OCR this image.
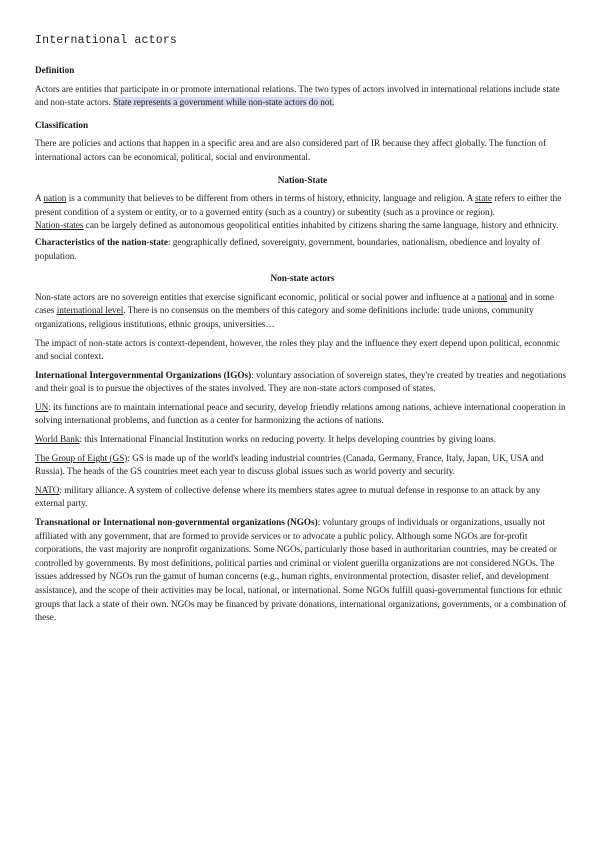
International actors
Definition

Actors are entities that participate in or promote international relations. The two types of actors involved in international relations include state and non-state actors. State represents a government while non-state actors do not.

Classification

There are policies and actions that happen in a specific area and are also considered part of IR because they affect globally. The function of international actors can be economical, political, social and environmental.

Nation-State

A nation is a community that believes to be different from others in terms of history, ethnicity, language and religion. A state refers to either the present condition of a system or entity, or to a governed entity (such as a country) or subentity (such as a province or region).

Nation-states can be largely defined as autonomous geopolitical entities inhabited by citizens sharing the same language, history and ethnicity.

Characteristics of the nation-state: geographically defined, sovereignty, government, boundaries, nationalism, obedience and loyalty of population.

Non-state actors

Non-state actors are no sovereign entities that exercise significant economic, political or social power and influence at a national and in some cases international level. There is no consensus on the members of this category and some definitions include: trade unions, community organizations, religious institutions, ethnic groups, universities…

The impact of non-state actors is context-dependent, however, the roles they play and the influence they exert depend upon political, economic and social context.

International Intergovernmental Organizations (IGOs): voluntary association of sovereign states, they're created by treaties and negotiations and their goal is to pursue the objectives of the states involved. They are non-state actors composed of states.

UN: its functions are to maintain international peace and security, develop friendly relations among nations, achieve international cooperation in solving international problems, and function as a center for harmonizing the actions of nations.

World Bank: this International Financial Institution works on reducing poverty. It helps developing countries by giving loans.

The Group of Eight (GS): GS is made up of the world's leading industrial countries (Canada, Germany, France, Italy, Japan, UK, USA and Russia). The heads of the GS countries meet each year to discuss global issues such as world poverty and security.

NATO: military alliance. A system of collective defense where its members states agree to mutual defense in response to an attack by any external party.

Transnational or International non-governmental organizations (NGOs): voluntary groups of individuals or organizations, usually not affiliated with any government, that are formed to provide services or to advocate a public policy. Although some NGOs are for-profit corporations, the vast majority are nonprofit organizations. Some NGOs, particularly those based in authoritarian countries, may be created or controlled by governments. By most definitions, political parties and criminal or violent guerilla organizations are not considered NGOs. The issues addressed by NGOs run the gamut of human concerns (e.g., human rights, environmental protection, disaster relief, and development assistance), and the scope of their activities may be local, national, or international. Some NGOs fulfill quasi-governmental functions for ethnic groups that lack a state of their own. NGOs may be financed by private donations, international organizations, governments, or a combination of these.
